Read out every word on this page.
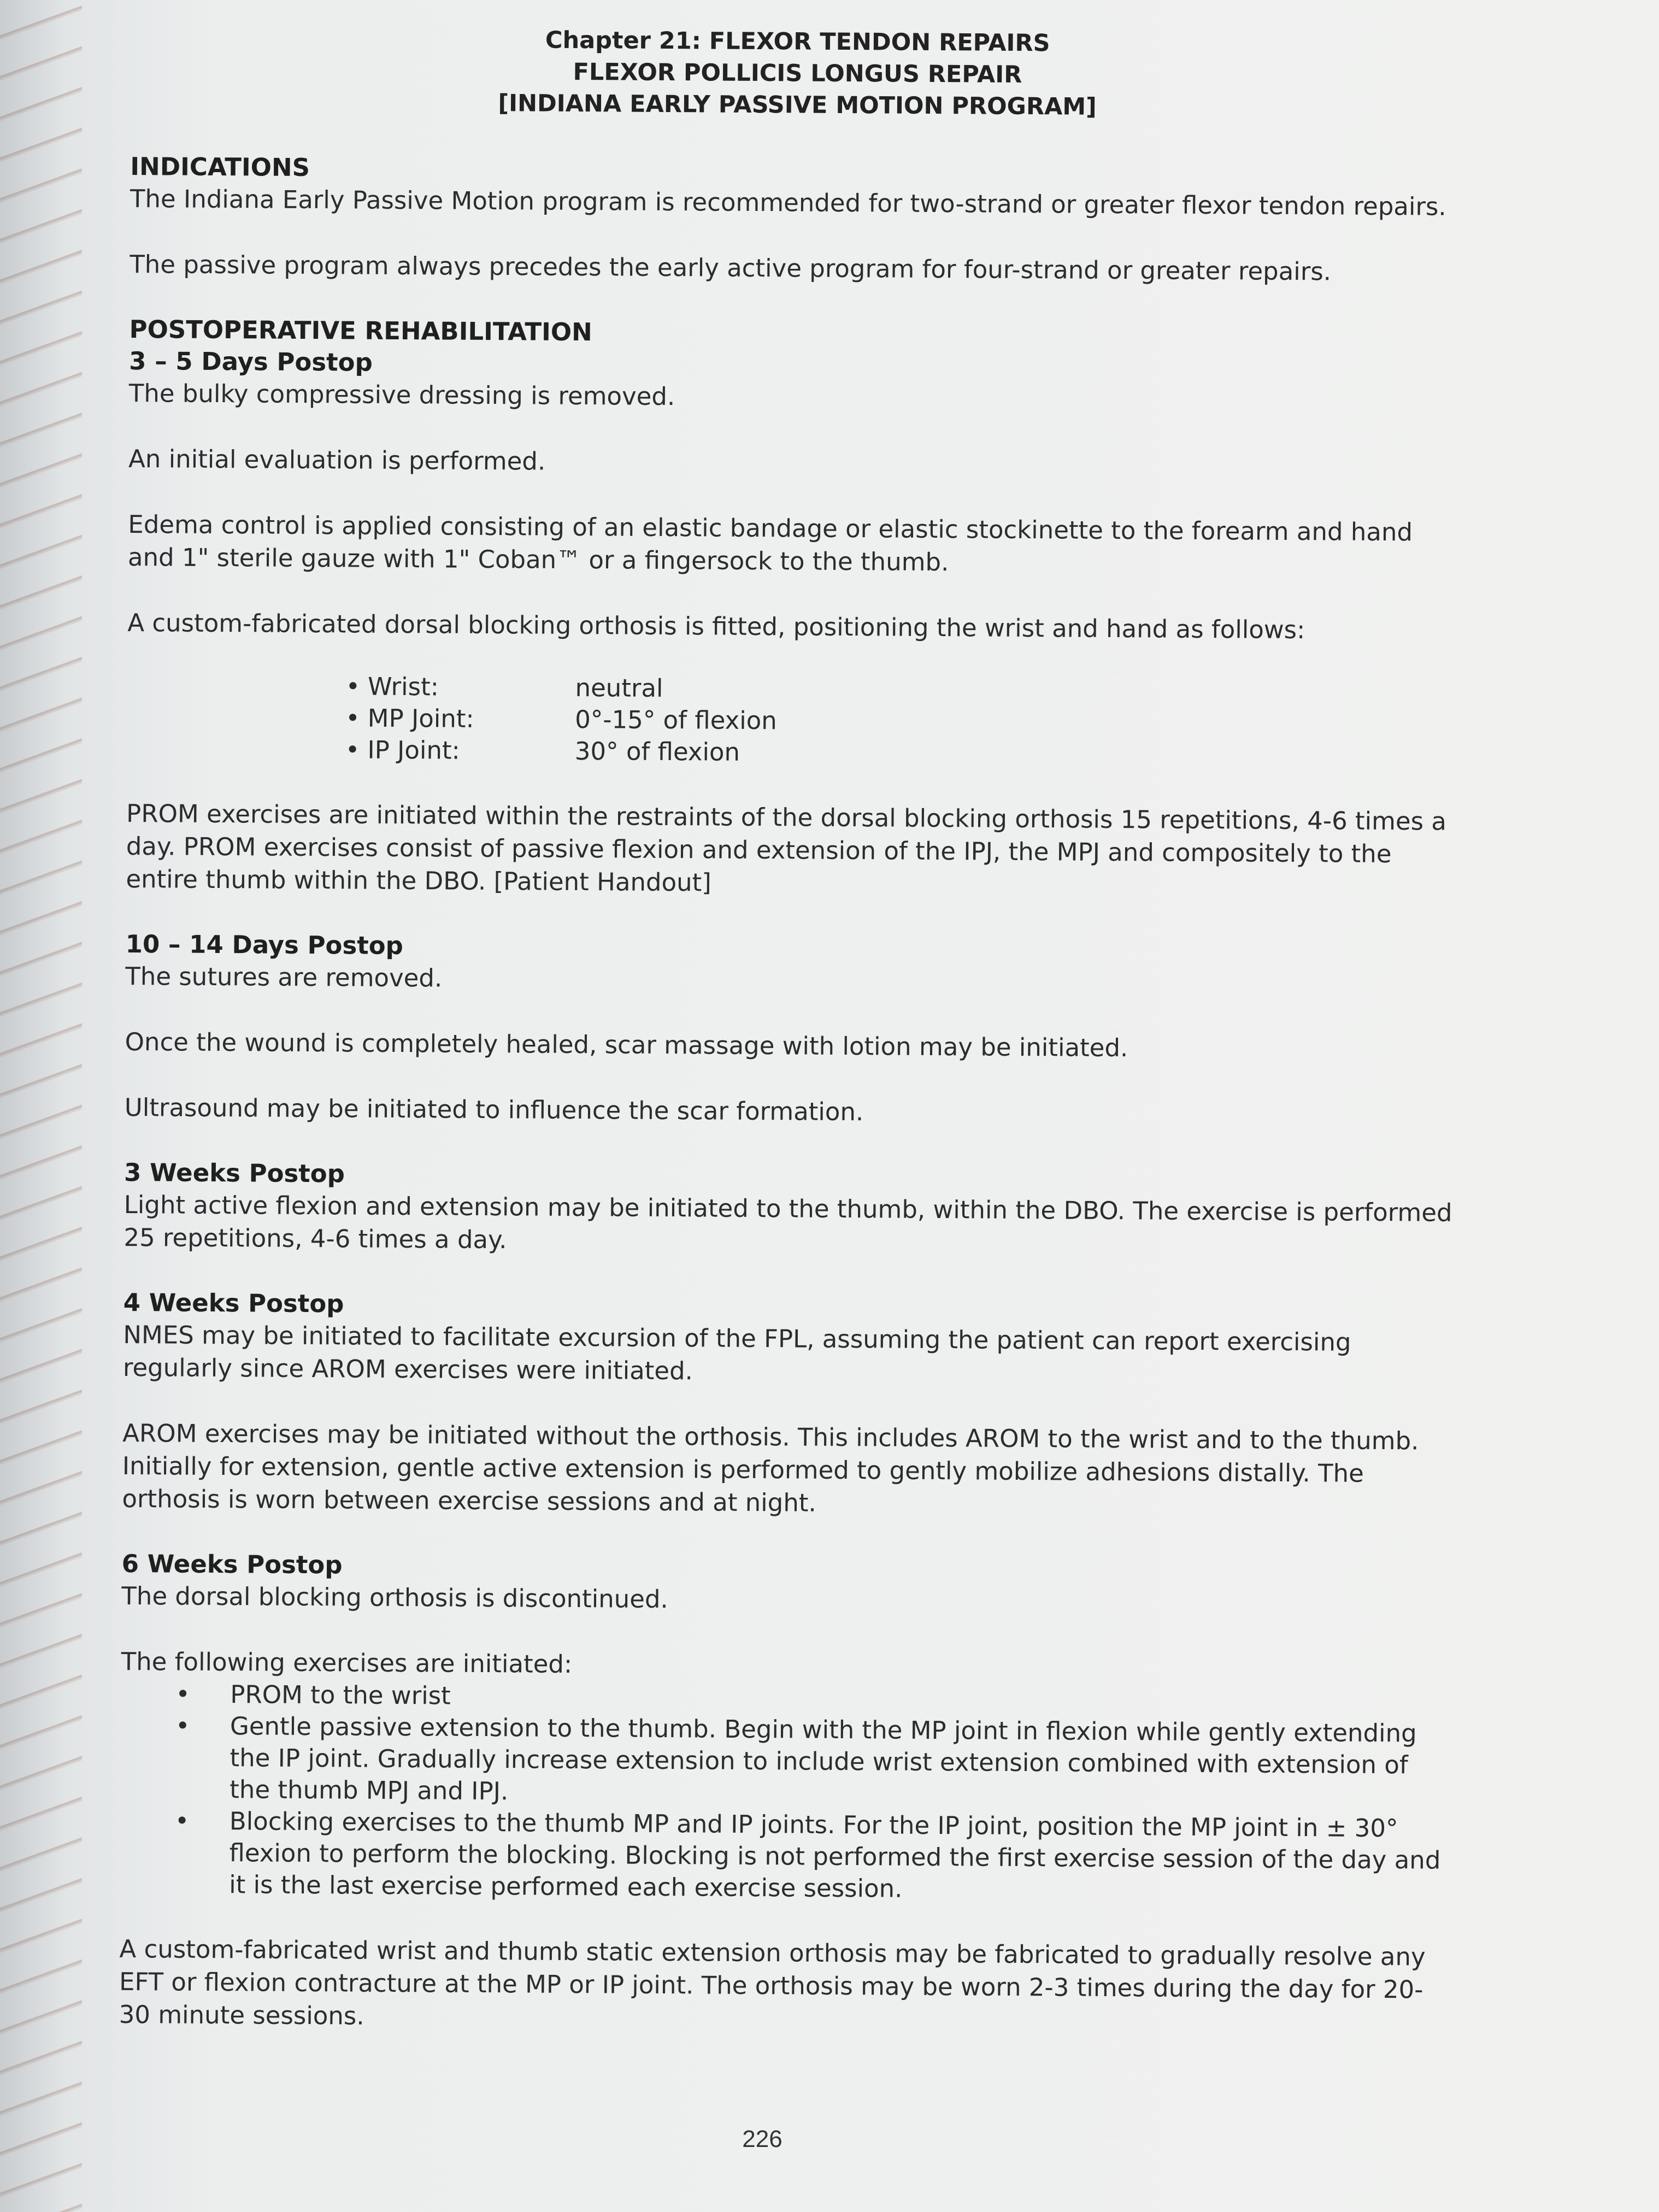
Chapter 21: FLEXOR TENDON REPAIRS
FLEXOR POLLICIS LONGUS REPAIR
[INDIANA EARLY PASSIVE MOTION PROGRAM]
INDICATIONS

The Indiana Early Passive Motion program is recommended for two-strand or greater flexor tendon repairs.

The passive program always precedes the early active program for four-strand or greater repairs.

POSTOPERATIVE REHABILITATION
3 – 5 Days Postop

The bulky compressive dressing is removed.

An initial evaluation is performed.

Edema control is applied consisting of an elastic bandage or elastic stockinette to the forearm and hand and 1" sterile gauze with 1" Coban™ or a fingersock to the thumb.

A custom-fabricated dorsal blocking orthosis is fitted, positioning the wrist and hand as follows:

• Wrist:	neutral
• MP Joint:	0°-15° of flexion
• IP Joint:	30° of flexion

PROM exercises are initiated within the restraints of the dorsal blocking orthosis 15 repetitions, 4-6 times a day. PROM exercises consist of passive flexion and extension of the IPJ, the MPJ and compositely to the entire thumb within the DBO. [Patient Handout]

10 – 14 Days Postop

The sutures are removed.

Once the wound is completely healed, scar massage with lotion may be initiated.

Ultrasound may be initiated to influence the scar formation.

3 Weeks Postop

Light active flexion and extension may be initiated to the thumb, within the DBO. The exercise is performed 25 repetitions, 4-6 times a day.

4 Weeks Postop

NMES may be initiated to facilitate excursion of the FPL, assuming the patient can report exercising regularly since AROM exercises were initiated.

AROM exercises may be initiated without the orthosis. This includes AROM to the wrist and to the thumb. Initially for extension, gentle active extension is performed to gently mobilize adhesions distally. The orthosis is worn between exercise sessions and at night.

6 Weeks Postop

The dorsal blocking orthosis is discontinued.

The following exercises are initiated:

• PROM to the wrist
• Gentle passive extension to the thumb. Begin with the MP joint in flexion while gently extending the IP joint. Gradually increase extension to include wrist extension combined with extension of the thumb MPJ and IPJ.
• Blocking exercises to the thumb MP and IP joints. For the IP joint, position the MP joint in ± 30° flexion to perform the blocking. Blocking is not performed the first exercise session of the day and it is the last exercise performed each exercise session.

A custom-fabricated wrist and thumb static extension orthosis may be fabricated to gradually resolve any EFT or flexion contracture at the MP or IP joint. The orthosis may be worn 2-3 times during the day for 20-30 minute sessions.

226
